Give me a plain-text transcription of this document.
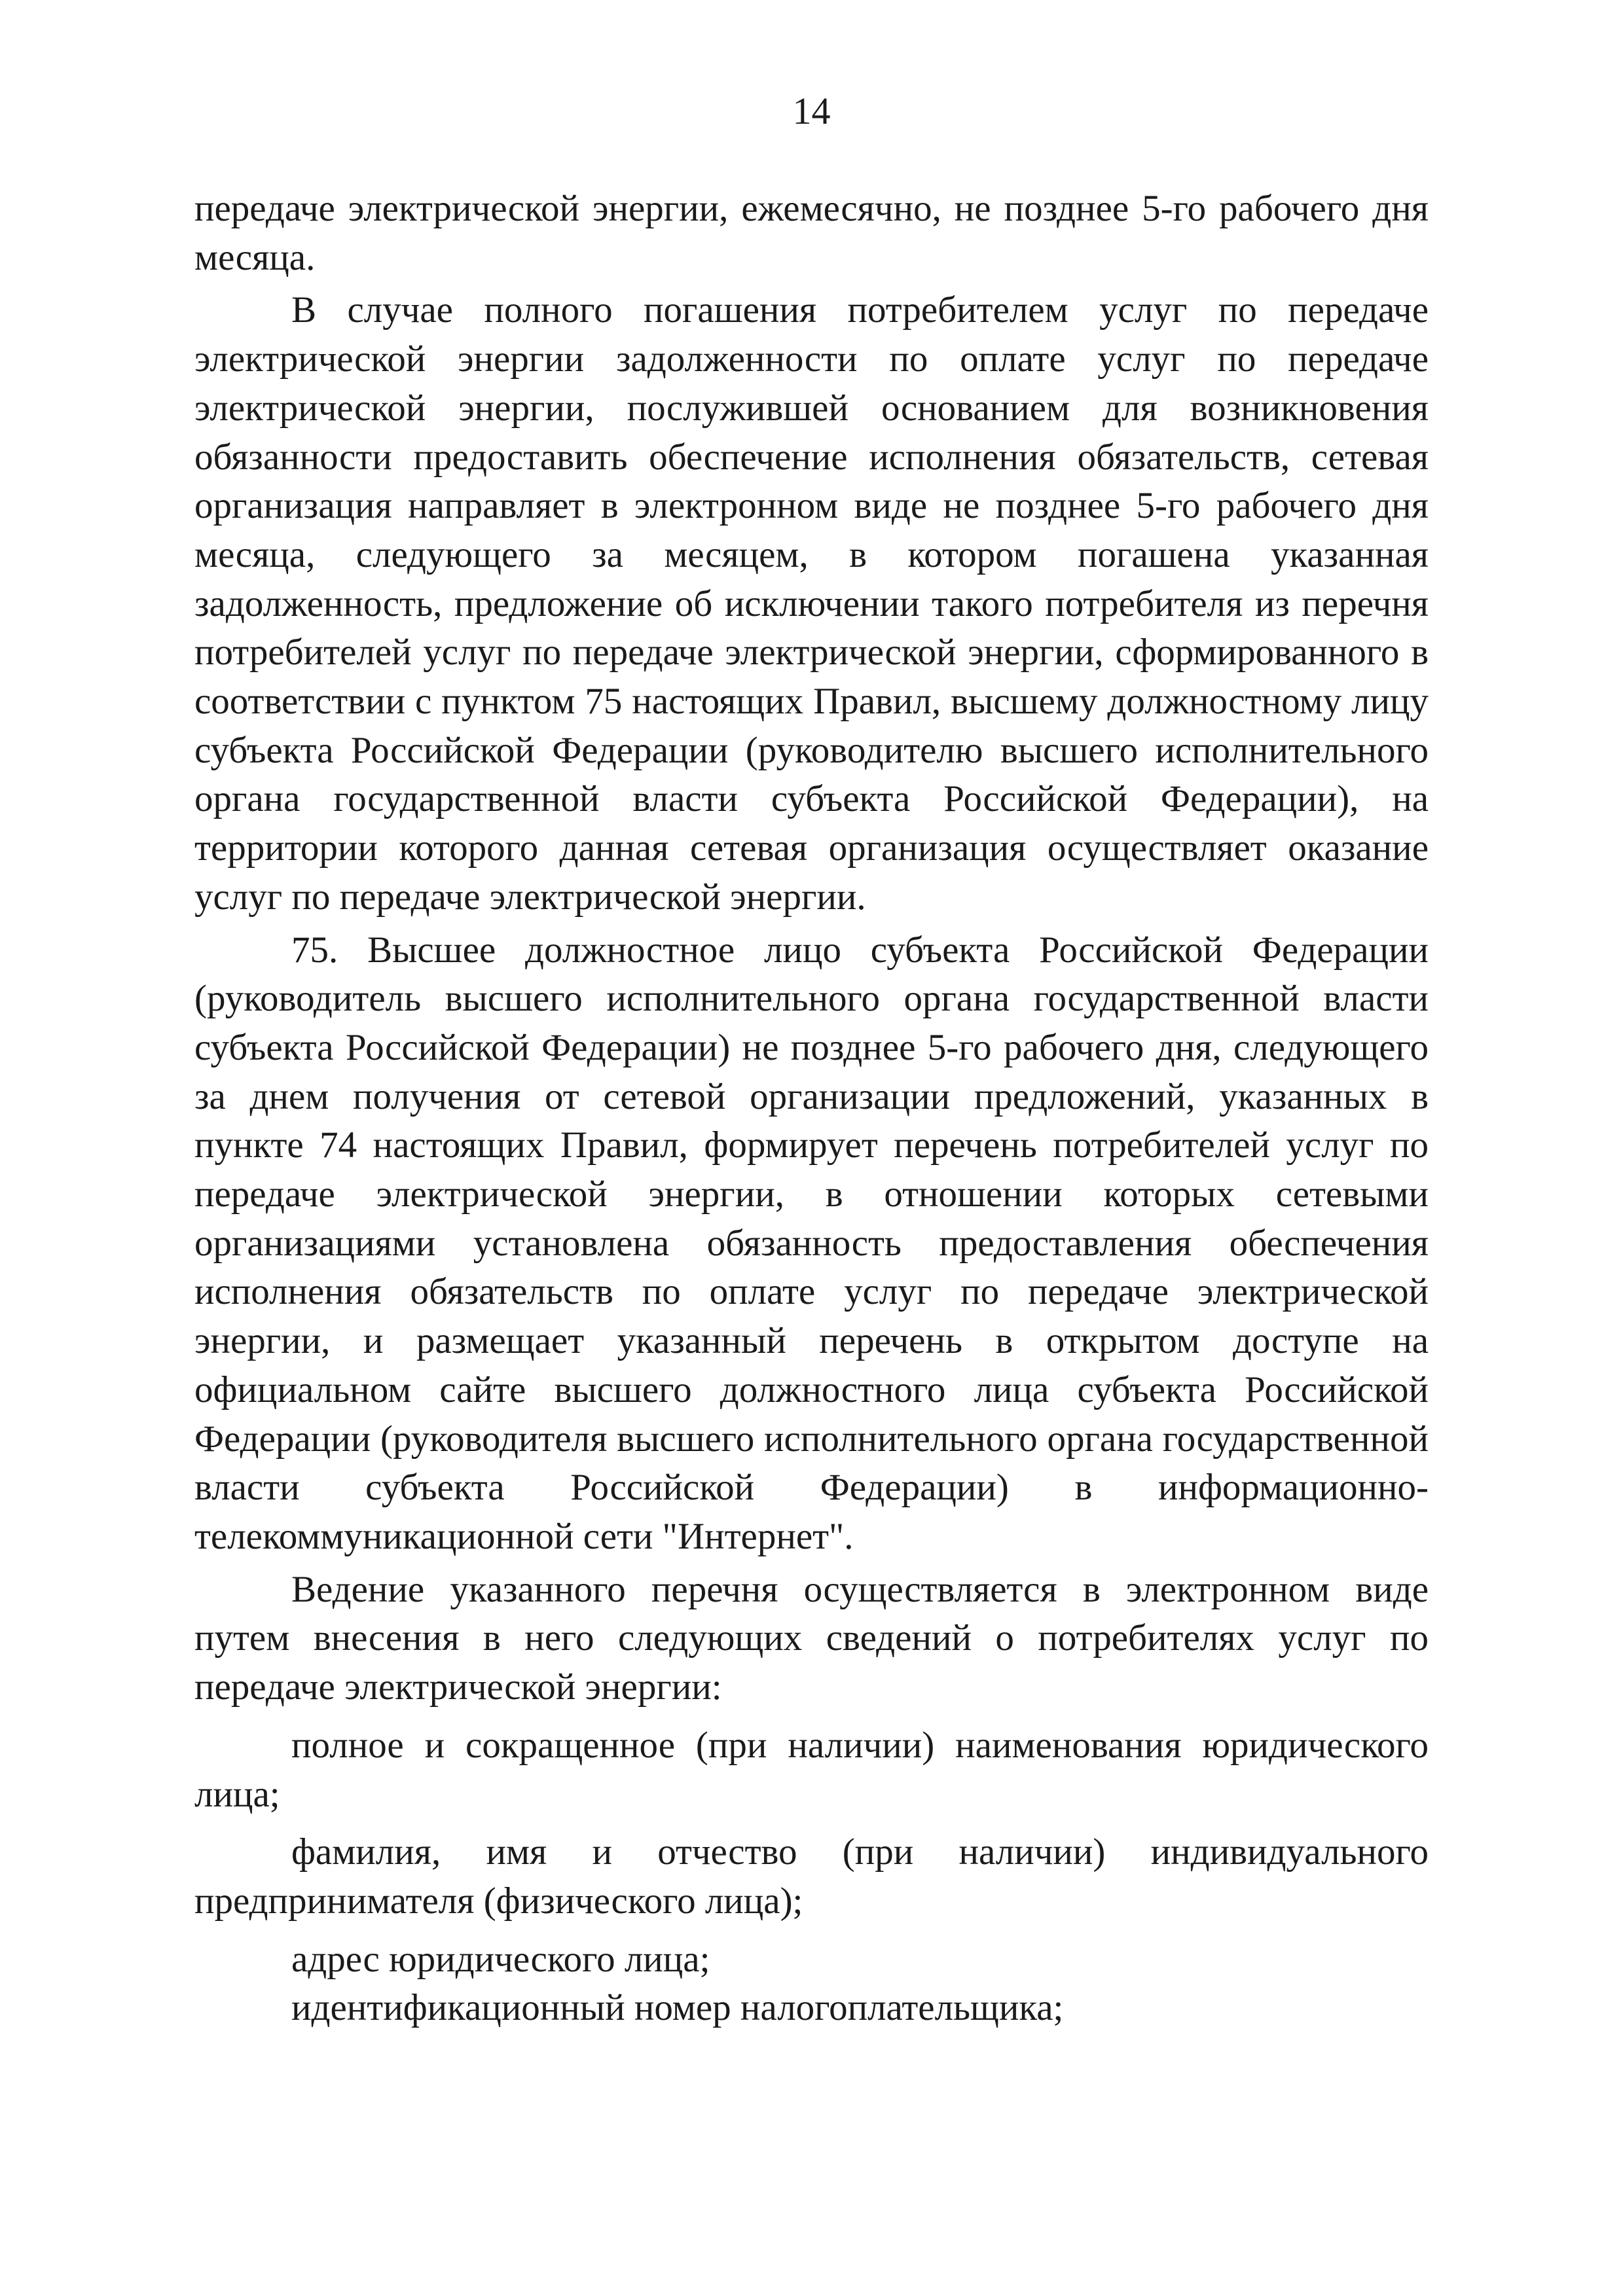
14

передаче электрической энергии, ежемесячно, не позднее 5-го рабочего дня месяца.

В случае полного погашения потребителем услуг по передаче электрической энергии задолженности по оплате услуг по передаче электрической энергии, послужившей основанием для возникновения обязанности предоставить обеспечение исполнения обязательств, сетевая организация направляет в электронном виде не позднее 5-го рабочего дня месяца, следующего за месяцем, в котором погашена указанная задолженность, предложение об исключении такого потребителя из перечня потребителей услуг по передаче электрической энергии, сформированного в соответствии с пунктом 75 настоящих Правил, высшему должностному лицу субъекта Российской Федерации (руководителю высшего исполнительного органа государственной власти субъекта Российской Федерации), на территории которого данная сетевая организация осуществляет оказание услуг по передаче электрической энергии.

75. Высшее должностное лицо субъекта Российской Федерации (руководитель высшего исполнительного органа государственной власти субъекта Российской Федерации) не позднее 5-го рабочего дня, следующего за днем получения от сетевой организации предложений, указанных в пункте 74 настоящих Правил, формирует перечень потребителей услуг по передаче электрической энергии, в отношении которых сетевыми организациями установлена обязанность предоставления обеспечения исполнения обязательств по оплате услуг по передаче электрической энергии, и размещает указанный перечень в открытом доступе на официальном сайте высшего должностного лица субъекта Российской Федерации (руководителя высшего исполнительного органа государственной власти субъекта Российской Федерации) в информационно-телекоммуникационной сети "Интернет".

Ведение указанного перечня осуществляется в электронном виде путем внесения в него следующих сведений о потребителях услуг по передаче электрической энергии:

полное и сокращенное (при наличии) наименования юридического лица;

фамилия, имя и отчество (при наличии) индивидуального предпринимателя (физического лица);

адрес юридического лица;

идентификационный номер налогоплательщика;
